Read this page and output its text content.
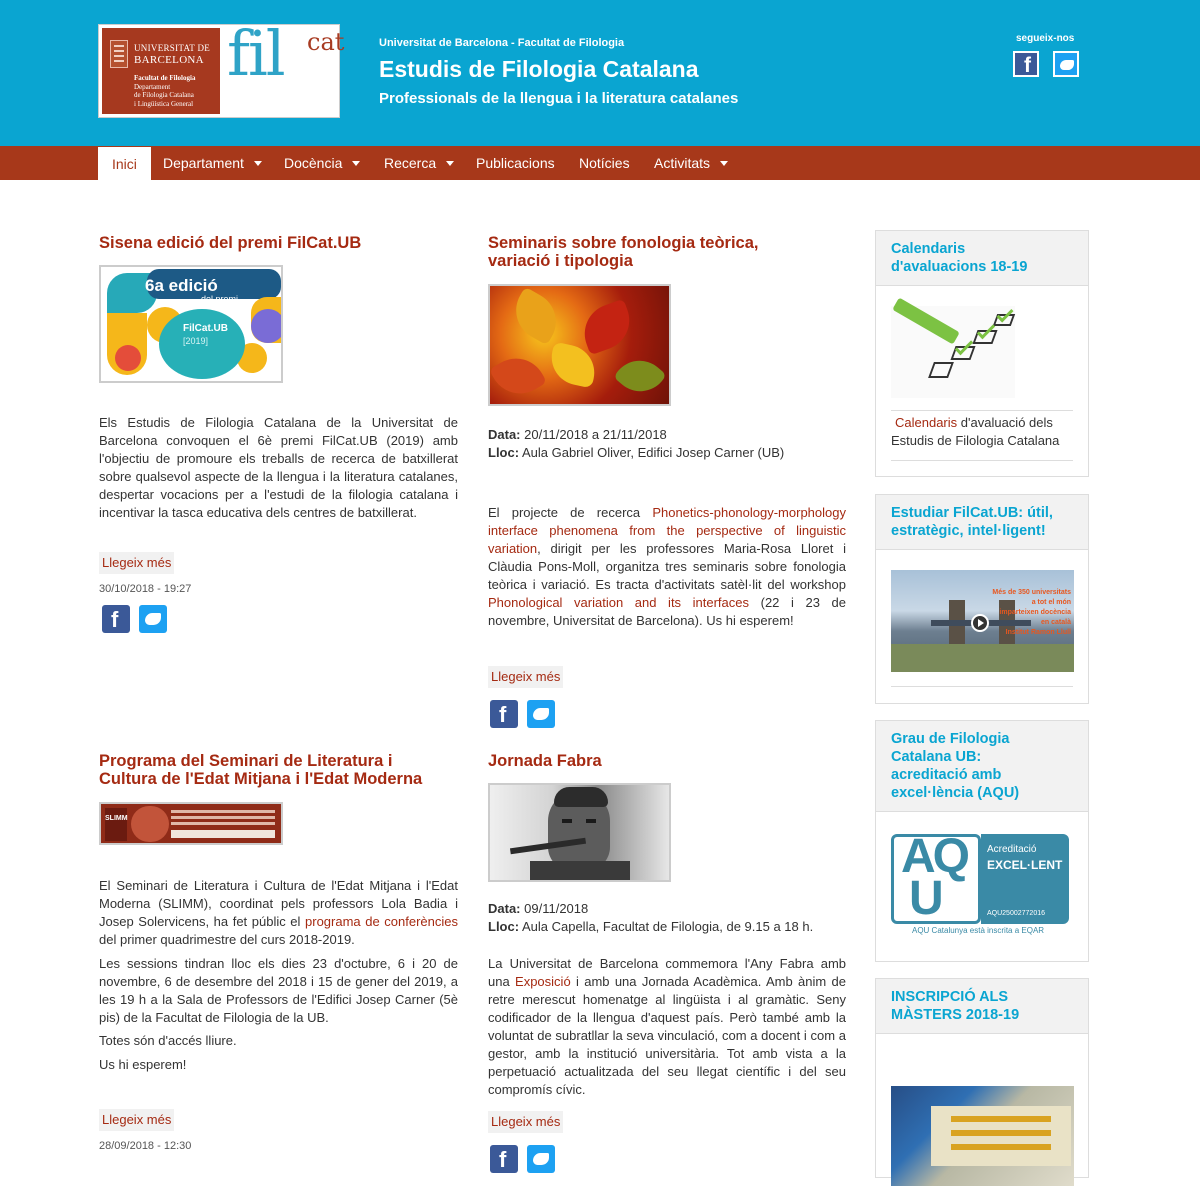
UNIVERSITAT DE
BARCELONA
Facultat de Filologia
Departament
de Filologia Catalana
i Lingüística General
fil cat	Universitat de Barcelona - Facultat de Filologia
Estudis de Filologia Catalana
Professionals de la llengua i la literatura catalanes
segueix-nos
f
Inici	Departament	Docència	Recerca	Publicacions Notícies Activitats
Sisena edició del premi FilCat.UB
6a edició
del premi
FilCat.UB
[2019]
Els Estudis de Filologia Catalana de la Universitat de Barcelona convoquen el 6è premi FilCat.UB (2019) amb l'objectiu de promoure els treballs de recerca de batxillerat sobre qualsevol aspecte de la llengua i la literatura catalanes, despertar vocacions per a l'estudi de la filologia catalana i incentivar la tasca educativa dels centres de batxillerat.
Llegeix més
30/10/2018 - 19:27
f
Seminaris sobre fonologia teòrica,
variació i tipologia
Data: 20/11/2018 a 21/11/2018
Lloc: Aula Gabriel Oliver, Edifici Josep Carner (UB)
El projecte de recerca Phonetics-phonology-morphology interface phenomena from the perspective of linguistic variation, dirigit per les professores Maria-Rosa Lloret i Clàudia Pons-Moll, organitza tres seminaris sobre fonologia teòrica i variació. Es tracta d'activitats satèl·lit del workshop Phonological variation and its interfaces (22 i 23 de novembre, Universitat de Barcelona). Us hi esperem!
Llegeix més
f
Programa del Seminari de Literatura i
Cultura de l'Edat Mitjana i l'Edat Moderna
SLIMM
El Seminari de Literatura i Cultura de l'Edat Mitjana i l'Edat Moderna (SLIMM), coordinat pels professors Lola Badia i Josep Solervicens, ha fet públic el programa de conferències del primer quadrimestre del curs 2018-2019.
Les sessions tindran lloc els dies 23 d'octubre, 6 i 20 de novembre, 6 de desembre del 2018 i 15 de gener del 2019, a les 19 h a la Sala de Professors de l'Edifici Josep Carner (5è pis) de la Facultat de Filologia de la UB.
Totes són d'accés lliure.
Us hi esperem!
Llegeix més
28/09/2018 - 12:30
Jornada Fabra
Data: 09/11/2018
Lloc: Aula Capella, Facultat de Filologia, de 9.15 a 18 h.
La Universitat de Barcelona commemora l'Any Fabra amb una Exposició i amb una Jornada Acadèmica. Amb ànim de retre merescut homenatge al lingüista i al gramàtic. Seny codificador de la llengua d'aquest país. Però també amb la voluntat de subratllar la seva vinculació, com a docent i com a gestor, amb la institució universitària. Tot amb vista a la perpetuació actualitzada del seu llegat científic i del seu compromís cívic.
Llegeix més
f
Calendaris
d'avaluacions 18-19
Calendaris d'avaluació dels
Estudis de Filologia Catalana
Estudiar FilCat.UB: útil,
estratègic, intel·ligent!
Més de 350 universitats
a tot el món
imparteixen docència
en català
Institut Ramon Llull
Grau de Filologia
Catalana UB:
acreditació amb
excel·lència (AQU)
AQ
U
Acreditació
EXCEL·LENT
AQU25002772016
AQU Catalunya està inscrita a EQAR
INSCRIPCIÓ ALS
MÀSTERS 2018-19
